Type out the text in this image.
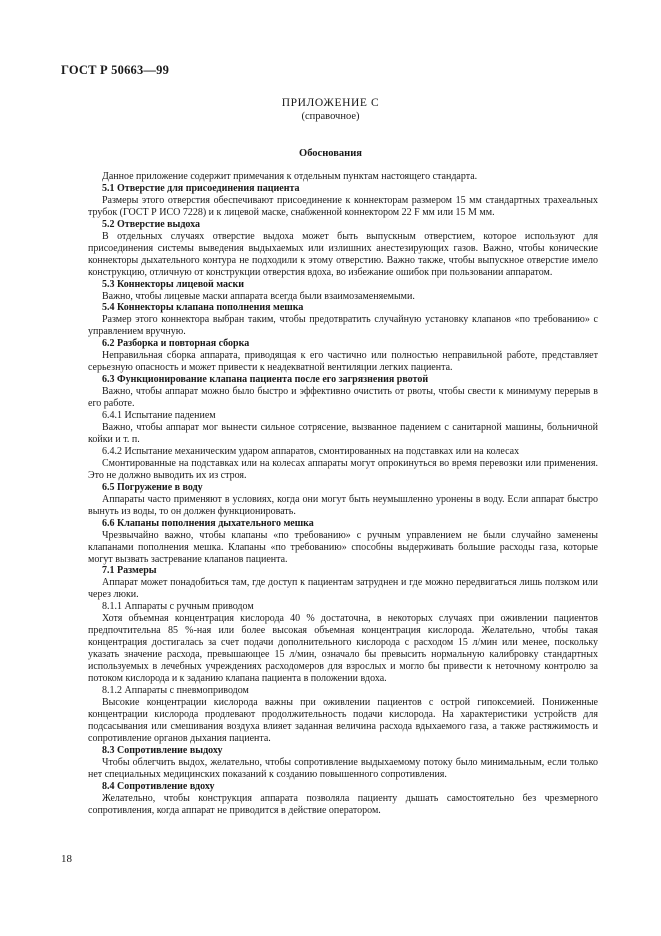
ГОСТ Р 50663—99
ПРИЛОЖЕНИЕ С
(справочное)
Обоснования

Данное приложение содержит примечания к отдельным пунктам настоящего стандарта.

5.1 Отверстие для присоединения пациента

Размеры этого отверстия обеспечивают присоединение к коннекторам размером 15 мм стандартных трахеальных трубок (ГОСТ Р ИСО 7228) и к лицевой маске, снабженной коннектором 22 F мм или 15 М мм.

5.2 Отверстие выдоха

В отдельных случаях отверстие выдоха может быть выпускным отверстием, которое используют для присоединения системы выведения выдыхаемых или излишних анестезирующих газов. Важно, чтобы конические коннекторы дыхательного контура не подходили к этому отверстию. Важно также, чтобы выпускное отверстие имело конструкцию, отличную от конструкции отверстия вдоха, во избежание ошибок при пользовании аппаратом.

5.3 Коннекторы лицевой маски

Важно, чтобы лицевые маски аппарата всегда были взаимозаменяемыми.

5.4 Коннекторы клапана пополнения мешка

Размер этого коннектора выбран таким, чтобы предотвратить случайную установку клапанов «по требованию» с управлением вручную.

6.2 Разборка и повторная сборка

Неправильная сборка аппарата, приводящая к его частично или полностью неправильной работе, представляет серьезную опасность и может привести к неадекватной вентиляции легких пациента.

6.3 Функционирование клапана пациента после его загрязнения рвотой

Важно, чтобы аппарат можно было быстро и эффективно очистить от рвоты, чтобы свести к минимуму перерыв в его работе.

6.4.1 Испытание падением

Важно, чтобы аппарат мог вынести сильное сотрясение, вызванное падением с санитарной машины, больничной койки и т. п.

6.4.2 Испытание механическим ударом аппаратов, смонтированных на подставках или на колесах

Смонтированные на подставках или на колесах аппараты могут опрокинуться во время перевозки или применения. Это не должно выводить их из строя.

6.5 Погружение в воду

Аппараты часто применяют в условиях, когда они могут быть неумышленно уронены в воду. Если аппарат быстро вынуть из воды, то он должен функционировать.

6.6 Клапаны пополнения дыхательного мешка

Чрезвычайно важно, чтобы клапаны «по требованию» с ручным управлением не были случайно заменены клапанами пополнения мешка. Клапаны «по требованию» способны выдерживать большие расходы газа, которые могут вызвать застревание клапанов пациента.

7.1 Размеры

Аппарат может понадобиться там, где доступ к пациентам затруднен и где можно передвигаться лишь ползком или через люки.

8.1.1 Аппараты с ручным приводом

Хотя объемная концентрация кислорода 40 % достаточна, в некоторых случаях при оживлении пациентов предпочтительна 85 %-ная или более высокая объемная концентрация кислорода. Желательно, чтобы такая концентрация достигалась за счет подачи дополнительного кислорода с расходом 15 л/мин или менее, поскольку указать значение расхода, превышающее 15 л/мин, означало бы превысить нормальную калибровку стандартных используемых в лечебных учреждениях расходомеров для взрослых и могло бы привести к неточному контролю за потоком кислорода и к заданию клапана пациента в положении вдоха.

8.1.2 Аппараты с пневмоприводом

Высокие концентрации кислорода важны при оживлении пациентов с острой гипоксемией. Пониженные концентрации кислорода продлевают продолжительность подачи кислорода. На характеристики устройств для подсасывания или смешивания воздуха влияет заданная величина расхода вдыхаемого газа, а также растяжимость и сопротивление органов дыхания пациента.

8.3 Сопротивление выдоху

Чтобы облегчить выдох, желательно, чтобы сопротивление выдыхаемому потоку было минимальным, если только нет специальных медицинских показаний к созданию повышенного сопротивления.

8.4 Сопротивление вдоху

Желательно, чтобы конструкция аппарата позволяла пациенту дышать самостоятельно без чрезмерного сопротивления, когда аппарат не приводится в действие оператором.

18
